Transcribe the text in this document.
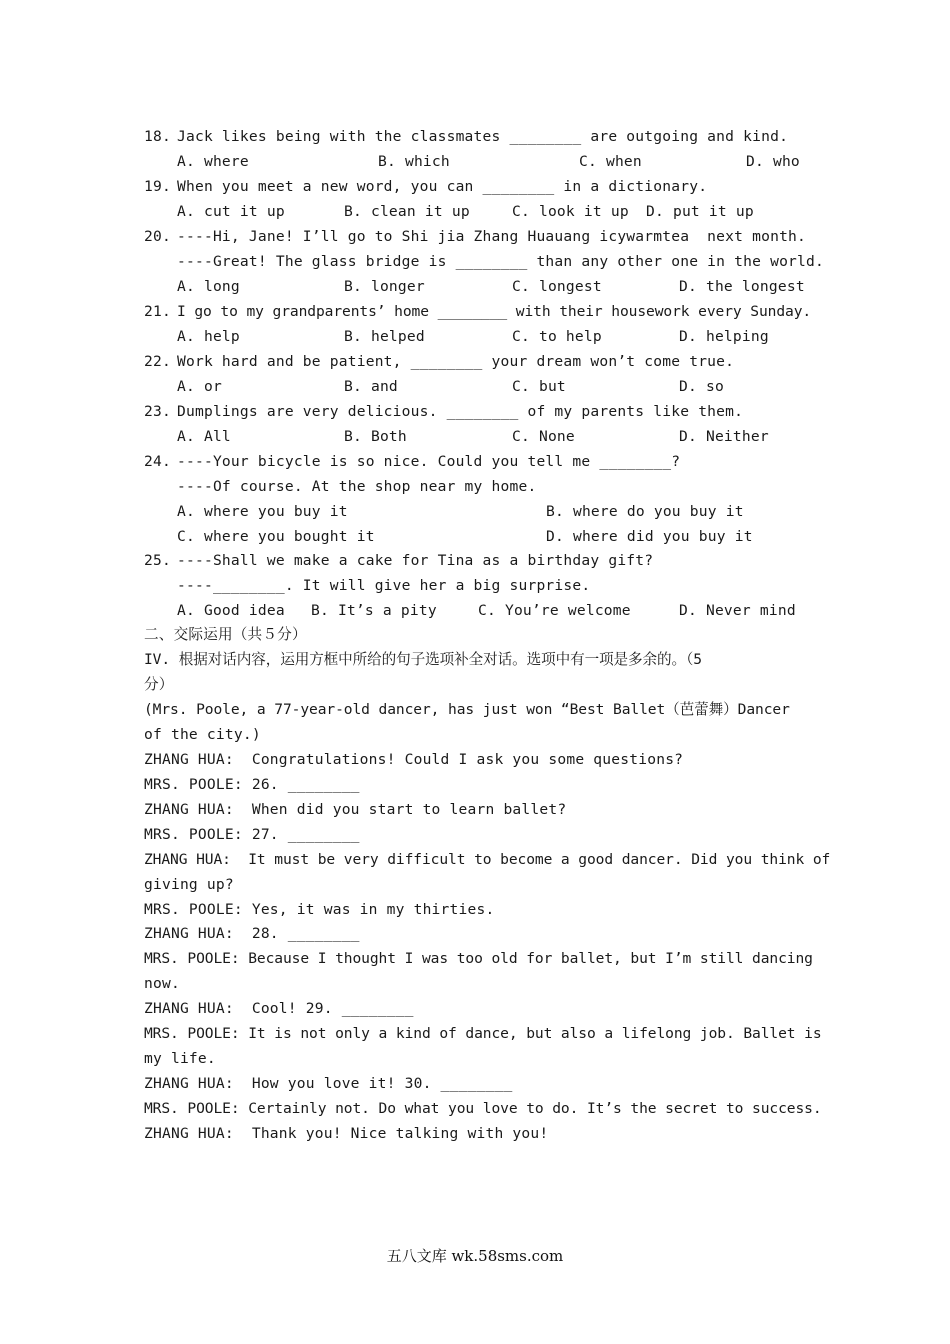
18. Jack likes being with the classmates ________ are outgoing and kind.
A. where	B. which	C. when	D. who
19. When you meet a new word, you can ________ in a dictionary.
A. cut it up	B. clean it up	C. look it up D. put it up
20. ----Hi, Jane! I’ll go to Shi jia Zhang Huauang icywarmtea  next month.
----Great! The glass bridge is ________ than any other one in the world.
A. long	B. longer	C. longest	D. the longest
21. I go to my grandparents’ home ________ with their housework every Sunday.
A. help	B. helped	C. to help	D. helping
22. Work hard and be patient, ________ your dream won’t come true.
A. or	B. and	C. but	D. so
23. Dumplings are very delicious. ________ of my parents like them.
A. All	B. Both	C. None	D. Neither
24. ----Your bicycle is so nice. Could you tell me ________?
----Of course. At the shop near my home.
A. where you buy it	B. where do you buy it
C. where you bought it	D. where did you buy it
25. ----Shall we make a cake for Tina as a birthday gift?
----________. It will give her a big surprise.
A. Good idea B. It’s a pity	C. You’re welcome	D. Never mind
二、交际运用（共５分）
IV. 根据对话内容，运用方框中所给的句子选项补全对话。选项中有一项是多余的。（5
分）
(Mrs. Poole, a 77-year-old dancer, has just won “Best Ballet（芭蕾舞）Dancer
of the city.)
ZHANG HUA:  Congratulations! Could I ask you some questions?
MRS. POOLE: 26. ________
ZHANG HUA:  When did you start to learn ballet?
MRS. POOLE: 27. ________
ZHANG HUA:  It must be very difficult to become a good dancer. Did you think of
giving up?
MRS. POOLE: Yes, it was in my thirties.
ZHANG HUA:  28. ________
MRS. POOLE: Because I thought I was too old for ballet, but I’m still dancing
now.
ZHANG HUA:  Cool! 29. ________
MRS. POOLE: It is not only a kind of dance, but also a lifelong job. Ballet is
my life.
ZHANG HUA:  How you love it! 30. ________
MRS. POOLE: Certainly not. Do what you love to do. It’s the secret to success.
ZHANG HUA:  Thank you! Nice talking with you!
五八文库 wk.58sms.com
